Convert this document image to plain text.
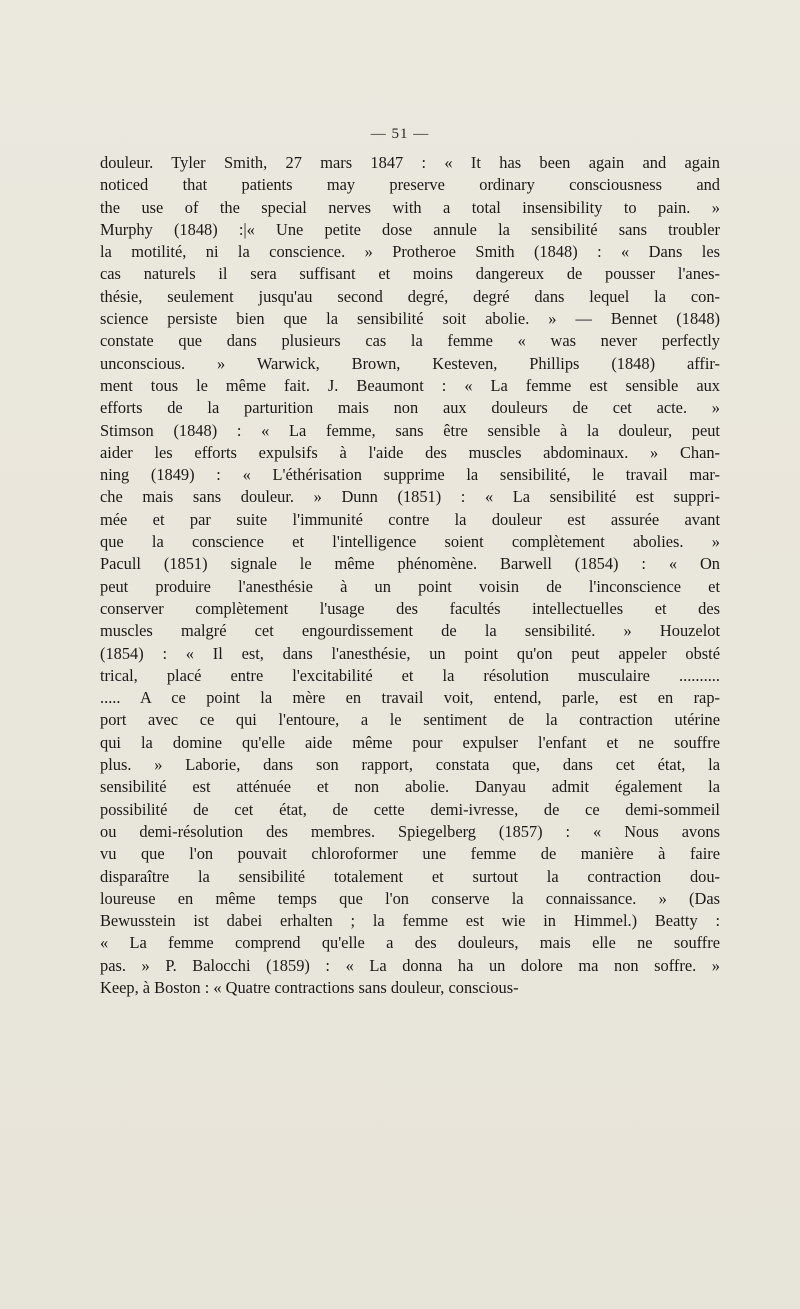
— 51 —
douleur. Tyler Smith, 27 mars 1847 : « It has been again and again
noticed that patients may preserve ordinary consciousness and
the use of the special nerves with a total insensibility to pain. »
Murphy (1848) :|« Une petite dose annule la sensibilité sans troubler
la motilité, ni la conscience. » Protheroe Smith (1848) : « Dans les
cas naturels il sera suffisant et moins dangereux de pousser l'anes-
thésie, seulement jusqu'au second degré, degré dans lequel la con-
science persiste bien que la sensibilité soit abolie. » — Bennet (1848)
constate que dans plusieurs cas la femme « was never perfectly
unconscious. » Warwick, Brown, Kesteven, Phillips (1848) affir-
ment tous le même fait. J. Beaumont : « La femme est sensible aux
efforts de la parturition mais non aux douleurs de cet acte. »
Stimson (1848) : « La femme, sans être sensible à la douleur, peut
aider les efforts expulsifs à l'aide des muscles abdominaux. » Chan-
ning (1849) : « L'éthérisation supprime la sensibilité, le travail mar-
che mais sans douleur. » Dunn (1851) : « La sensibilité est suppri-
mée et par suite l'immunité contre la douleur est assurée avant
que la conscience et l'intelligence soient complètement abolies. »
Pacull (1851) signale le même phénomène. Barwell (1854) : « On
peut produire l'anesthésie à un point voisin de l'inconscience et
conserver complètement l'usage des facultés intellectuelles et des
muscles malgré cet engourdissement de la sensibilité. » Houzelot
(1854) : « Il est, dans l'anesthésie, un point qu'on peut appeler obsté
trical, placé entre l'excitabilité et la résolution musculaire ..........
..... A ce point la mère en travail voit, entend, parle, est en rap-
port avec ce qui l'entoure, a le sentiment de la contraction utérine
qui la domine qu'elle aide même pour expulser l'enfant et ne souffre
plus. » Laborie, dans son rapport, constata que, dans cet état, la
sensibilité est atténuée et non abolie. Danyau admit également la
possibilité de cet état, de cette demi-ivresse, de ce demi-sommeil
ou demi-résolution des membres. Spiegelberg (1857) : « Nous avons
vu que l'on pouvait chloroformer une femme de manière à faire
disparaître la sensibilité totalement et surtout la contraction dou-
loureuse en même temps que l'on conserve la connaissance. » (Das
Bewusstein ist dabei erhalten ; la femme est wie in Himmel.) Beatty :
« La femme comprend qu'elle a des douleurs, mais elle ne souffre
pas. » P. Balocchi (1859) : « La donna ha un dolore ma non soffre. »
Keep, à Boston : « Quatre contractions sans douleur, conscious-
